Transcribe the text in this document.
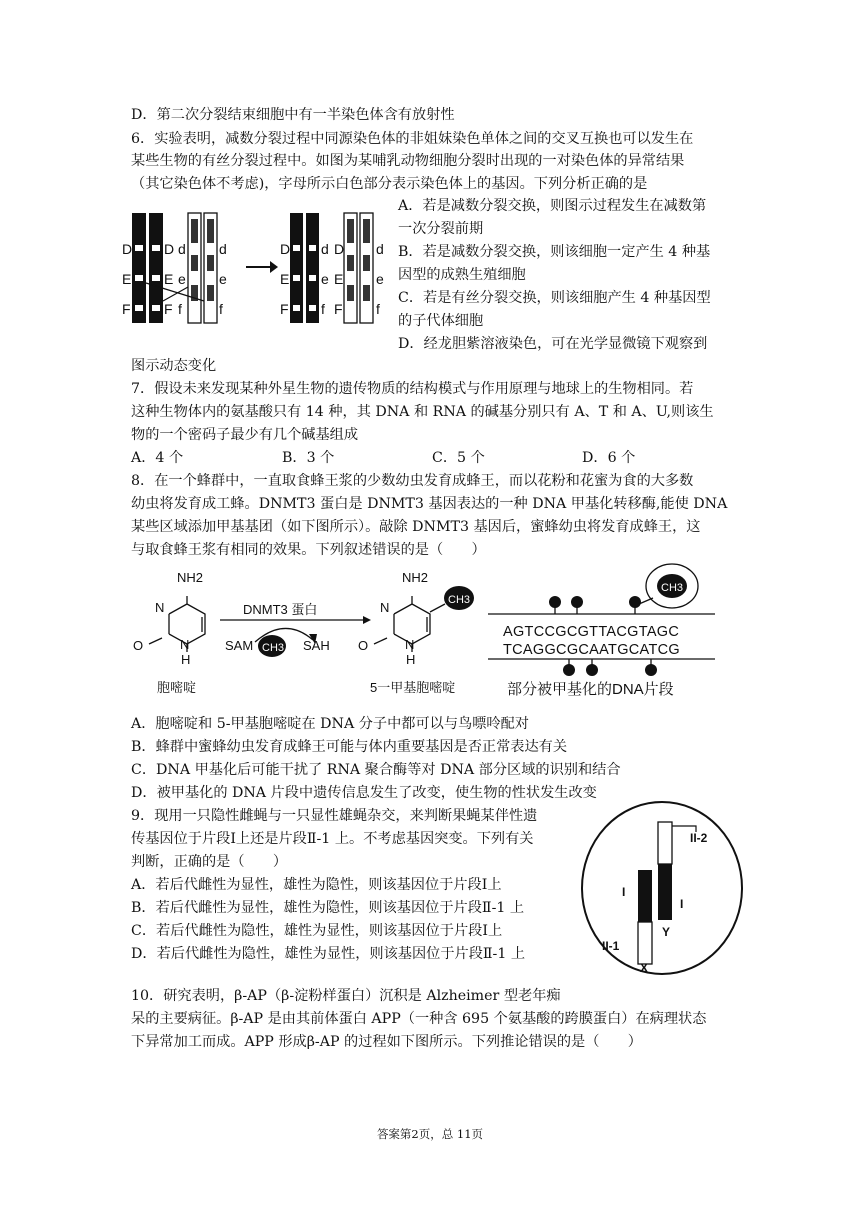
D．第二次分裂结束细胞中有一半染色体含有放射性
6．实验表明，减数分裂过程中同源染色体的非姐妹染色单体之间的交叉互换也可以发生在
某些生物的有丝分裂过程中。如图为某哺乳动物细胞分裂时出现的一对染色体的异常结果
（其它染色体不考虑)，字母所示白色部分表示染色体上的基因。下列分析正确的是
D D
E E
F F
d d
e e
f	f
D d
E e
F f
D d
E e
F f
A．若是减数分裂交换，则图示过程发生在减数第
一次分裂前期
B．若是减数分裂交换，则该细胞一定产生 4 种基
因型的成熟生殖细胞
C．若是有丝分裂交换，则该细胞产生 4 种基因型
的子代体细胞
D．经龙胆紫溶液染色，可在光学显微镜下观察到
图示动态变化
7．假设未来发现某种外星生物的遗传物质的结构模式与作用原理与地球上的生物相同。若
这种生物体内的氨基酸只有 14 种，其 DNA 和 RNA 的碱基分别只有 A、T 和 A、U,则该生
物的一个密码子最少有几个碱基组成
A．4 个	B．3 个	C．5 个	D．6 个
8．在一个蜂群中，一直取食蜂王浆的少数幼虫发育成蜂王，而以花粉和花蜜为食的大多数
幼虫将发育成工蜂。DNMT3 蛋白是 DNMT3 基因表达的一种 DNA 甲基化转移酶,能使 DNA
某些区域添加甲基基团（如下图所示）。敲除 DNMT3 基因后，蜜蜂幼虫将发育成蜂王，这
与取食蜂王浆有相同的效果。下列叙述错误的是（　　）
NH2
N
N
O
H
胞嘧啶
DNMT3 蛋白
SAM	SAH
CH3
CH3
NH2
N
N
O
H
5一甲基胞嘧啶
CH3
AGTCCGCGTTACGTAGC
TCAGGCGCAATGCATCG
部分被甲基化的DNA片段
A．胞嘧啶和 5-甲基胞嘧啶在 DNA 分子中都可以与鸟嘌呤配对
B．蜂群中蜜蜂幼虫发育成蜂王可能与体内重要基因是否正常表达有关
C．DNA 甲基化后可能干扰了 RNA 聚合酶等对 DNA 部分区域的识别和结合
D．被甲基化的 DNA 片段中遗传信息发生了改变，使生物的性状发生改变
9．现用一只隐性雌蝇与一只显性雄蝇杂交，来判断果蝇某伴性遗
传基因位于片段Ⅰ上还是片段Ⅱ-1 上。不考虑基因突变。下列有关
判断，正确的是（　　）
A．若后代雌性为显性，雄性为隐性，则该基因位于片段Ⅰ上
B．若后代雌性为显性，雄性为隐性，则该基因位于片段Ⅱ-1 上
C．若后代雌性为隐性，雄性为显性，则该基因位于片段Ⅰ上
D．若后代雌性为隐性，雄性为显性，则该基因位于片段Ⅱ-1 上
II-2
I
I
II-1
X
Y
10．研究表明，β-AP（β-淀粉样蛋白）沉积是 Alzheimer 型老年痴
呆的主要病征。β-AP 是由其前体蛋白 APP（一种含 695 个氨基酸的跨膜蛋白）在病理状态
下异常加工而成。APP 形成β-AP 的过程如下图所示。下列推论错误的是（　　）
答案第2页，总 11页
